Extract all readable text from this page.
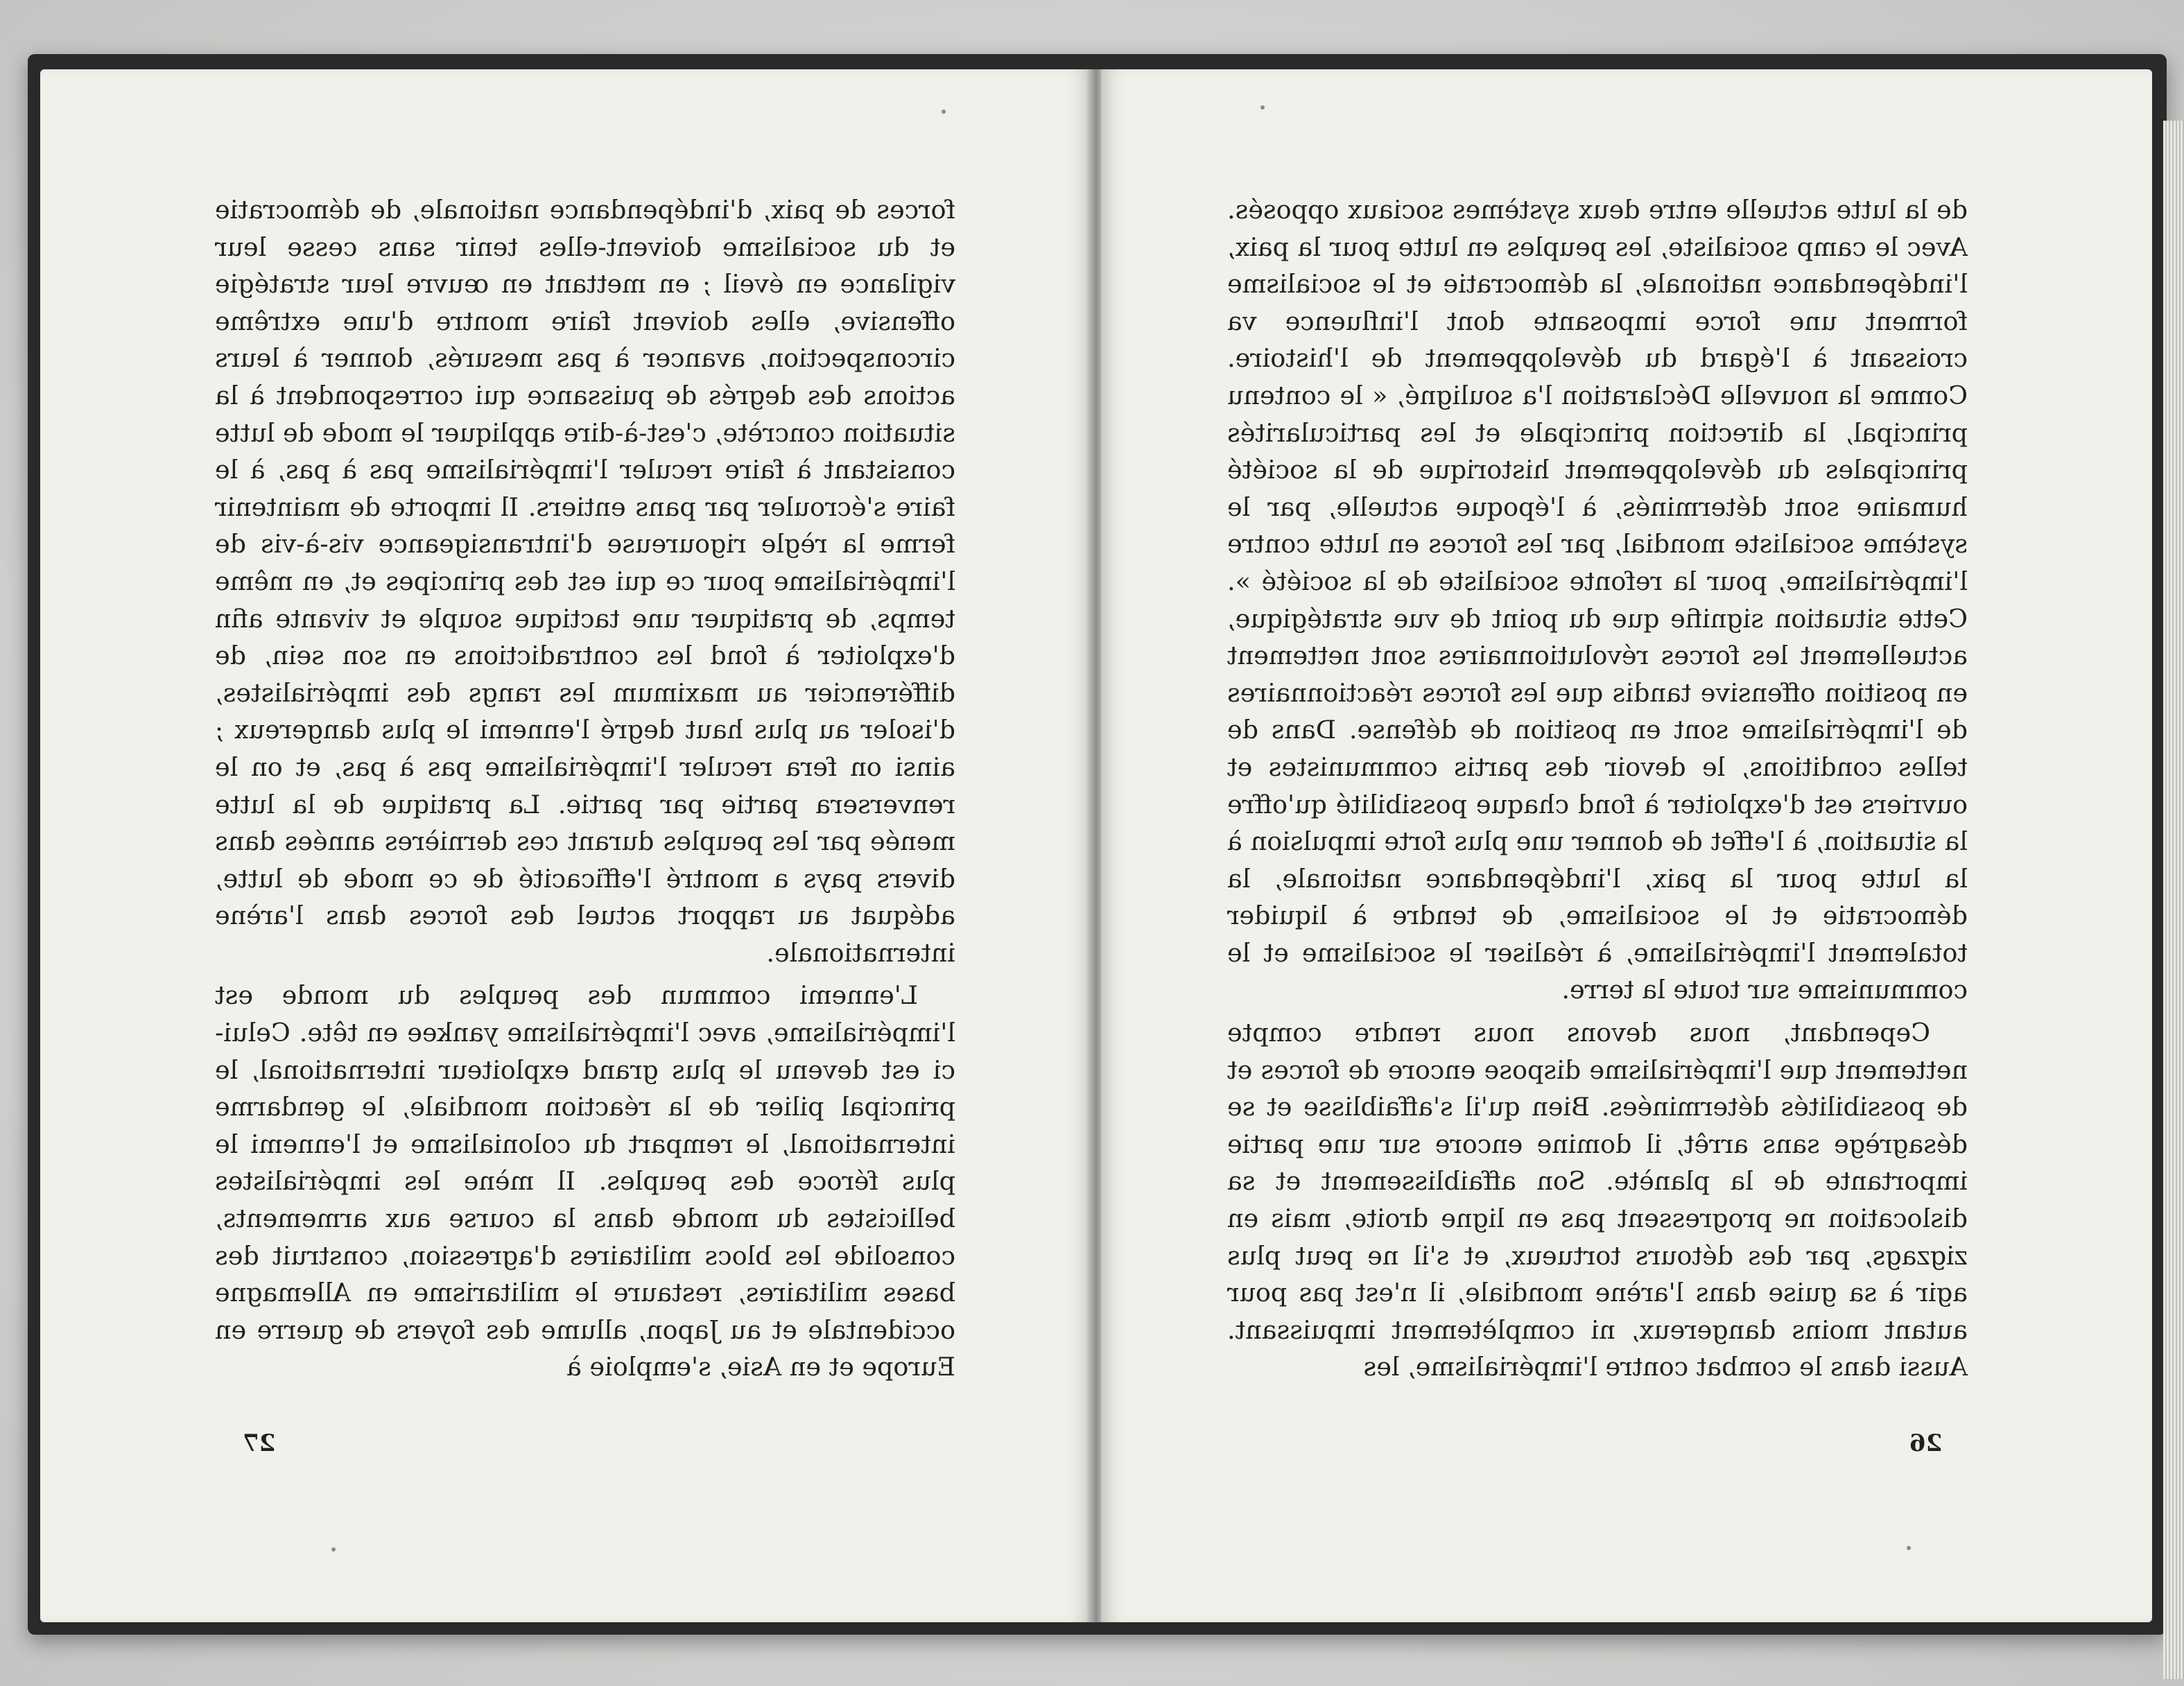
forces de paix, d'indépendance nationale, de démocratie et du socialisme doivent-elles tenir sans cesse leur vigilance en éveil ; en mettant en œuvre leur stratégie offensive, elles doivent faire montre d'une extrême circonspection, avancer à pas mesurés, donner à leurs actions des degrés de puissance qui correspondent à la situation concrète, c'est-à-dire appliquer le mode de lutte consistant à faire reculer l'impérialisme pas à pas, à le faire s'écrouler par pans entiers. Il importe de maintenir ferme la règle rigoureuse d'intransigeance vis-à-vis de l'impérialisme pour ce qui est des principes et, en même temps, de pratiquer une tactique souple et vivante afin d'exploiter à fond les contradictions en son sein, de différencier au maximum les rangs des impérialistes, d'isoler au plus haut degré l'ennemi le plus dangereux ; ainsi on fera reculer l'impérialisme pas à pas, et on le renversera partie par partie. La pratique de la lutte menée par les peuples durant ces dernières années dans divers pays a montré l'efficacité de ce mode de lutte, adéquat au rapport actuel des forces dans l'arène internationale.

L'ennemi commun des peuples du monde est l'impérialisme, avec l'impérialisme yankee en tête. Celui-ci est devenu le plus grand exploiteur international, le principal pilier de la réaction mondiale, le gendarme international, le rempart du colonialisme et l'ennemi le plus féroce des peuples. Il mène les impérialistes bellicistes du monde dans la course aux armements, consolide les blocs militaires d'agression, construit des bases militaires, restaure le militarisme en Allemagne occidentale et au Japon, allume des foyers de guerre en Europe et en Asie, s'emploie à

27

de la lutte actuelle entre deux systèmes sociaux opposés. Avec le camp socialiste, les peuples en lutte pour la paix, l'indépendance nationale, la démocratie et le socialisme forment une force imposante dont l'influence va croissant à l'égard du développement de l'histoire. Comme la nouvelle Déclaration l'a souligné, « le contenu principal, la direction principale et les particularités principales du développement historique de la société humaine sont déterminés, à l'époque actuelle, par le système socialiste mondial, par les forces en lutte contre l'impérialisme, pour la refonte socialiste de la société ». Cette situation signifie que du point de vue stratégique, actuellement les forces révolutionnaires sont nettement en position offensive tandis que les forces réactionnaires de l'impérialisme sont en position de défense. Dans de telles conditions, le devoir des partis communistes et ouvriers est d'exploiter à fond chaque possibilité qu'offre la situation, à l'effet de donner une plus forte impulsion à la lutte pour la paix, l'indépendance nationale, la démocratie et le socialisme, de tendre à liquider totalement l'impérialisme, à réaliser le socialisme et le communisme sur toute la terre.

Cependant, nous devons nous rendre compte nettement que l'impérialisme dispose encore de forces et de possibilités déterminées. Bien qu'il s'affaiblisse et se désagrège sans arrêt, il domine encore sur une partie importante de la planète. Son affaiblissement et sa dislocation ne progressent pas en ligne droite, mais en zigzags, par des détours tortueux, et s'il ne peut plus agir à sa guise dans l'arène mondiale, il n'est pas pour autant moins dangereux, ni complètement impuissant. Aussi dans le combat contre l'impérialisme, les

26
